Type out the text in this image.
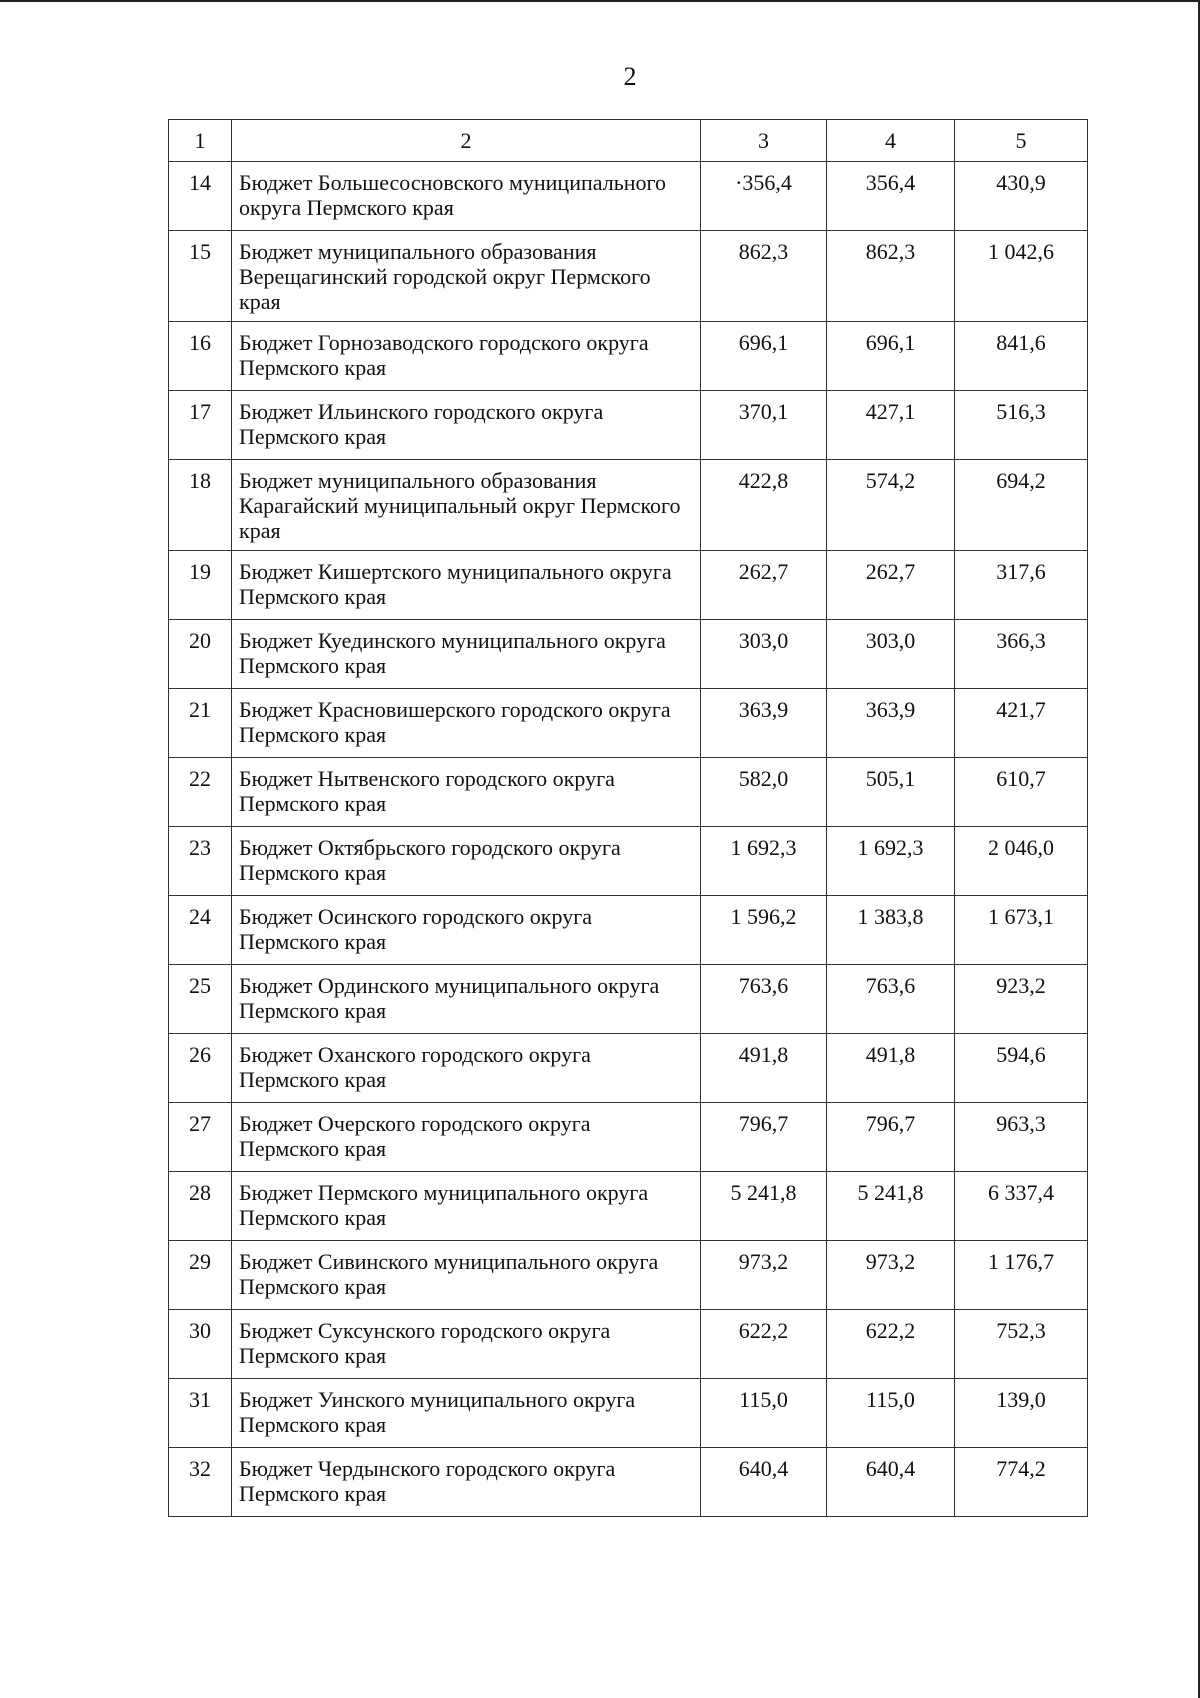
2
1	2	3	4	5
14	Бюджет Большесосновского муниципального округа Пермского края	·356,4	356,4	430,9
15	Бюджет муниципального образования Верещагинский городской округ Пермского края	862,3	862,3	1 042,6
16	Бюджет Горнозаводского городского округа Пермского края	696,1	696,1	841,6
17	Бюджет Ильинского городского округа Пермского края	370,1	427,1	516,3
18	Бюджет муниципального образования Карагайский муниципальный округ Пермского края	422,8	574,2	694,2
19	Бюджет Кишертского муниципального округа Пермского края	262,7	262,7	317,6
20	Бюджет Куединского муниципального округа Пермского края	303,0	303,0	366,3
21	Бюджет Красновишерского городского округа Пермского края	363,9	363,9	421,7
22	Бюджет Нытвенского городского округа Пермского края	582,0	505,1	610,7
23	Бюджет Октябрьского городского округа Пермского края	1 692,3	1 692,3	2 046,0
24	Бюджет Осинского городского округа Пермского края	1 596,2	1 383,8	1 673,1
25	Бюджет Ординского муниципального округа Пермского края	763,6	763,6	923,2
26	Бюджет Оханского городского округа Пермского края	491,8	491,8	594,6
27	Бюджет Очерского городского округа Пермского края	796,7	796,7	963,3
28	Бюджет Пермского муниципального округа Пермского края	5 241,8	5 241,8	6 337,4
29	Бюджет Сивинского муниципального округа Пермского края	973,2	973,2	1 176,7
30	Бюджет Суксунского городского округа Пермского края	622,2	622,2	752,3
31	Бюджет Уинского муниципального округа Пермского края	115,0	115,0	139,0
32	Бюджет Чердынского городского округа Пермского края	640,4	640,4	774,2
